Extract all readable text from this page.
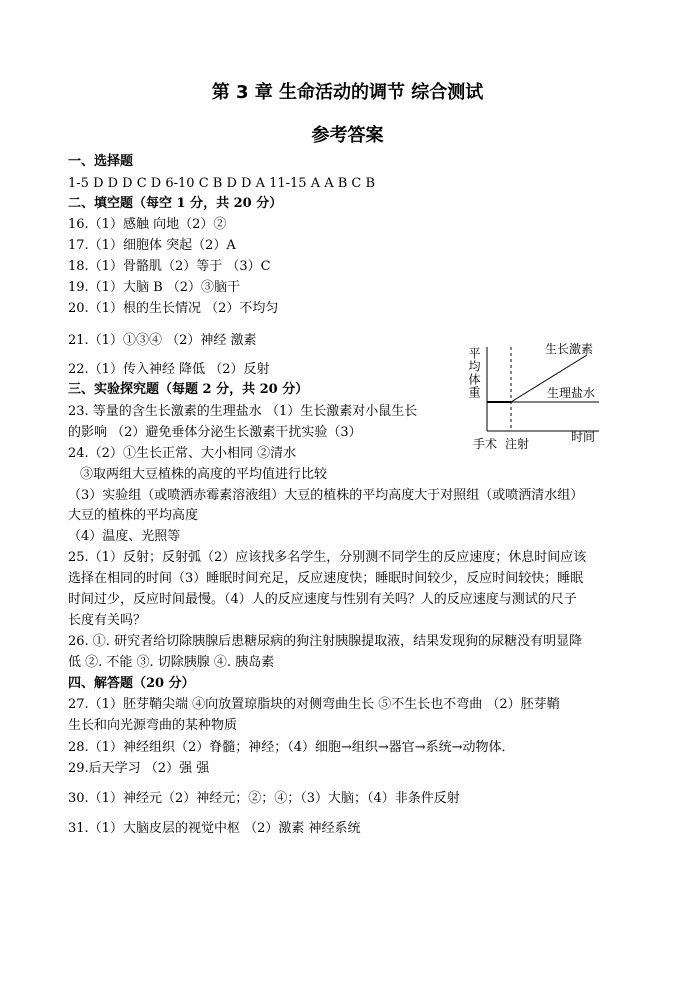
第 3 章 生命活动的调节 综合测试
参考答案
一、选择题
1-5 D D D C D 6-10 C B D D A 11-15 A A B C B
二、填空题（每空 1 分，共 20 分）
16.（1）感触 向地（2）②
17.（1）细胞体 突起（2）A
18.（1）骨骼肌（2）等于 （3）C
19.（1）大脑 B （2）③脑干
20.（1）根的生长情况 （2）不均匀
21.（1）①③④ （2）神经 激素
22.（1）传入神经 降低 （2）反射
三、实验探究题（每题 2 分，共 20 分）
23. 等量的含生长激素的生理盐水 （1）生长激素对小鼠生长
的影响 （2）避免垂体分泌生长激素干扰实验（3）
24.（2）①生长正常、大小相同 ②清水
③取两组大豆植株的高度的平均值进行比较
（3）实验组（或喷洒赤霉素溶液组）大豆的植株的平均高度大于对照组（或喷洒清水组）
大豆的植株的平均高度
（4）温度、光照等
25.（1）反射；反射弧（2）应该找多名学生，分别测不同学生的反应速度；休息时间应该
选择在相同的时间（3）睡眠时间充足，反应速度快；睡眠时间较少，反应时间较快；睡眠
时间过少，反应时间最慢。（4）人的反应速度与性别有关吗？人的反应速度与测试的尺子
长度有关吗？
26. ①. 研究者给切除胰腺后患糖尿病的狗注射胰腺提取液，结果发现狗的尿糖没有明显降
低 ②. 不能 ③. 切除胰腺 ④. 胰岛素
四、解答题（20 分）
27.（1）胚芽鞘尖端 ④向放置琼脂块的对侧弯曲生长 ⑤不生长也不弯曲 （2）胚芽鞘
生长和向光源弯曲的某种物质
28.（1）神经组织（2）脊髓；神经；（4）细胞→组织→器官→系统→动物体．
29.后天学习 （2）强 强
30.（1）神经元（2）神经元；②；④；（3）大脑；（4）非条件反射
31.（1）大脑皮层的视觉中枢 （2）激素 神经系统
平均体重	生长激素
生理盐水
手术 注射	时间
